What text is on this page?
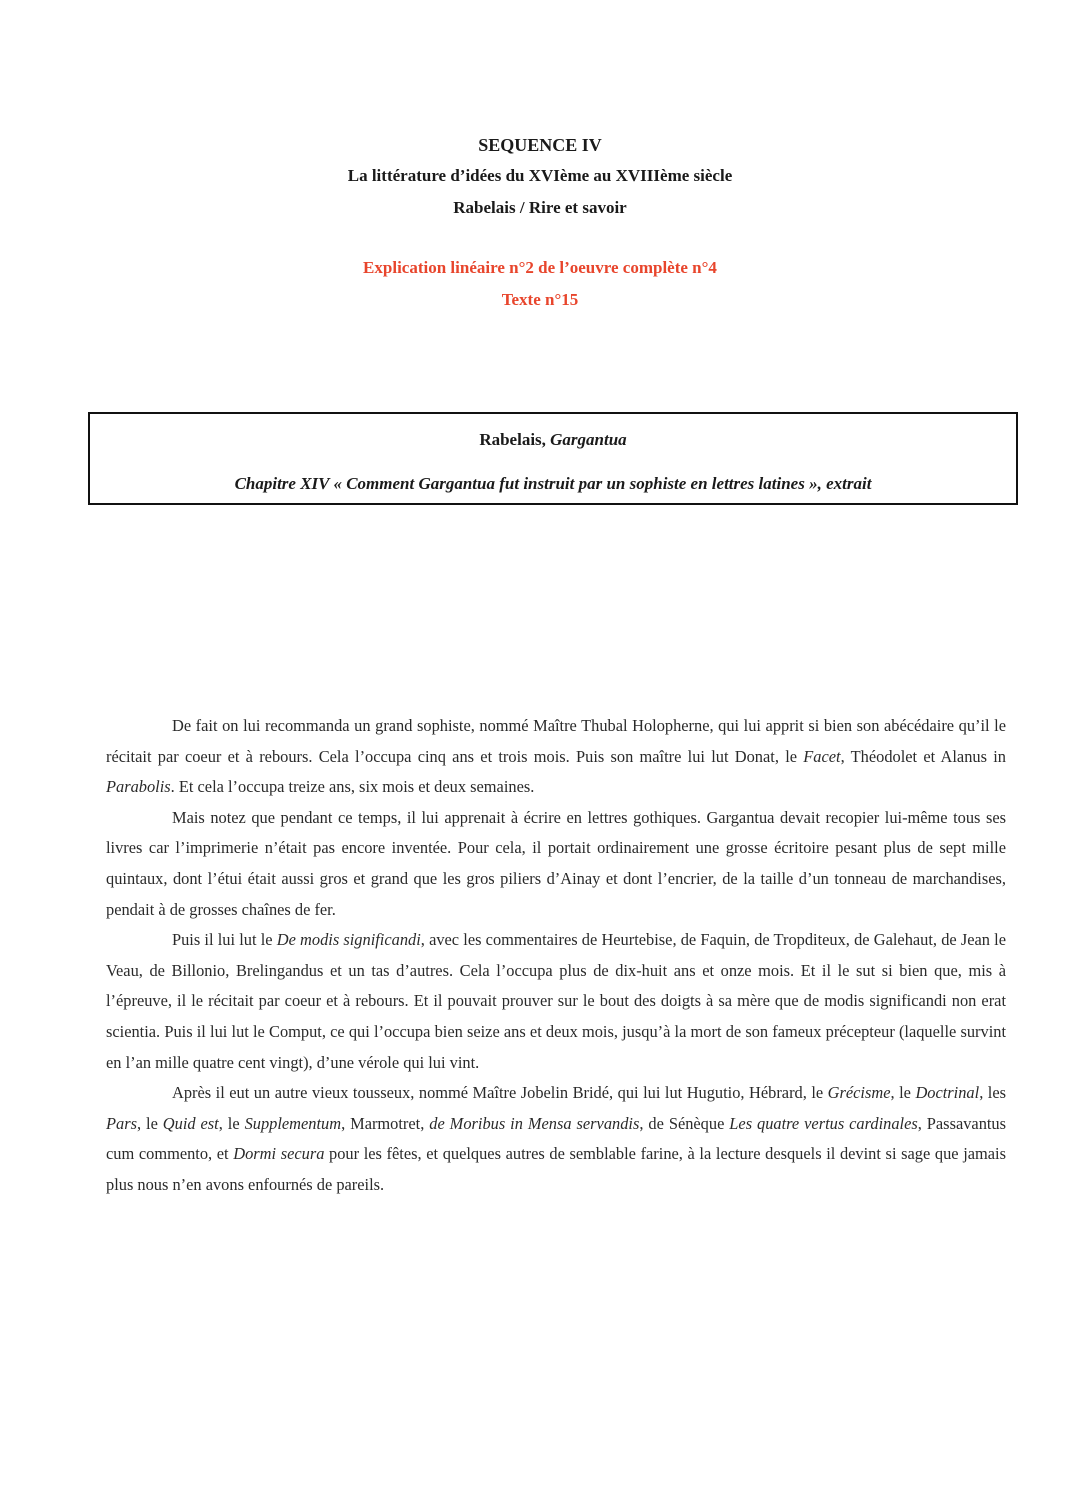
SEQUENCE IV
La littérature d’idées du XVIème au XVIIIème siècle
Rabelais / Rire et savoir
Explication linéaire n°2 de l’oeuvre complète n°4
Texte n°15
Rabelais, Gargantua
Chapitre XIV « Comment Gargantua fut instruit par un sophiste en lettres latines », extrait

De fait on lui recommanda un grand sophiste, nommé Maître Thubal Holopherne, qui lui apprit si bien son abécédaire qu’il le récitait par coeur et à rebours. Cela l’occupa cinq ans et trois mois. Puis son maître lui lut Donat, le Facet, Théodolet et Alanus in Parabolis. Et cela l’occupa treize ans, six mois et deux semaines.

Mais notez que pendant ce temps, il lui apprenait à écrire en lettres gothiques. Gargantua devait recopier lui-même tous ses livres car l’imprimerie n’était pas encore inventée. Pour cela, il portait ordinairement une grosse écritoire pesant plus de sept mille quintaux, dont l’étui était aussi gros et grand que les gros piliers d’Ainay et dont l’encrier, de la taille d’un tonneau de marchandises, pendait à de grosses chaînes de fer.

Puis il lui lut le De modis significandi, avec les commentaires de Heurtebise, de Faquin, de Tropditeux, de Galehaut, de Jean le Veau, de Billonio, Brelingandus et un tas d’autres. Cela l’occupa plus de dix-huit ans et onze mois. Et il le sut si bien que, mis à l’épreuve, il le récitait par coeur et à rebours. Et il pouvait prouver sur le bout des doigts à sa mère que de modis significandi non erat scientia. Puis il lui lut le Comput, ce qui l’occupa bien seize ans et deux mois, jusqu’à la mort de son fameux précepteur (laquelle survint en l’an mille quatre cent vingt), d’une vérole qui lui vint.

Après il eut un autre vieux tousseux, nommé Maître Jobelin Bridé, qui lui lut Hugutio, Hébrard, le Grécisme, le Doctrinal, les Pars, le Quid est, le Supplementum, Marmotret, de Moribus in Mensa servandis, de Sénèque Les quatre vertus cardinales, Passavantus cum commento, et Dormi secura pour les fêtes, et quelques autres de semblable farine, à la lecture desquels il devint si sage que jamais plus nous n’en avons enfournés de pareils.
